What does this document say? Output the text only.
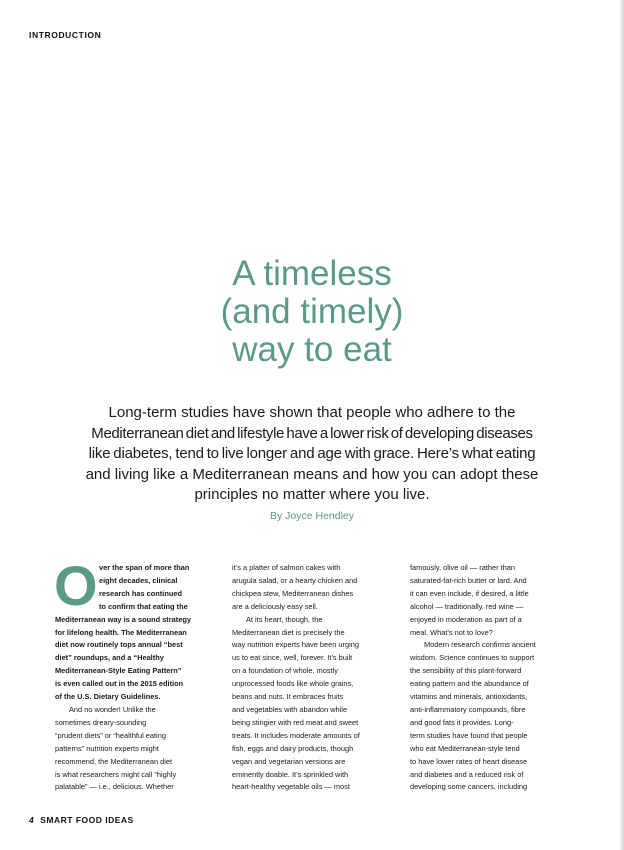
INTRODUCTION
A timeless
(and timely)
way to eat

Long-term studies have shown that people who adhere to the
Mediterranean diet and lifestyle have a lower risk of developing diseases
like diabetes, tend to live longer and age with grace. Here’s what eating
and living like a Mediterranean means and how you can adopt these
principles no matter where you live.

By Joyce Hendley
O ver the span of more than
eight decades, clinical
research has continued
to confirm that eating the
Mediterranean way is a sound strategy
for lifelong health. The Mediterranean
diet now routinely tops annual “best
diet” roundups, and a “Healthy
Mediterranean-Style Eating Pattern”
is even called out in the 2015 edition
of the U.S. Dietary Guidelines.
And no wonder! Unlike the
sometimes dreary-sounding
“prudent diets” or “healthful eating
patterns” nutrition experts might
recommend, the Mediterranean diet
is what researchers might call “highly
palatable” — i.e., delicious. Whether
it’s a platter of salmon cakes with
arugula salad, or a hearty chicken and
chickpea stew, Mediterranean dishes
are a deliciously easy sell.
At its heart, though, the
Mediterranean diet is precisely the
way nutrition experts have been urging
us to eat since, well, forever. It’s built
on a foundation of whole, mostly
unprocessed foods like whole grains,
beans and nuts. It embraces fruits
and vegetables with abandon while
being stingier with red meat and sweet
treats. It includes moderate amounts of
fish, eggs and dairy products, though
vegan and vegetarian versions are
eminently doable. It’s sprinkled with
heart-healthy vegetable oils — most
famously, olive oil — rather than
saturated-fat-rich butter or lard. And
it can even include, if desired, a little
alcohol — traditionally, red wine —
enjoyed in moderation as part of a
meal. What’s not to love?
Modern research confirms ancient
wisdom. Science continues to support
the sensibility of this plant-forward
eating pattern and the abundance of
vitamins and minerals, antioxidants,
anti-inflammatory compounds, fibre
and good fats it provides. Long-
term studies have found that people
who eat Mediterranean-style tend
to have lower rates of heart disease
and diabetes and a reduced risk of
developing some cancers, including
4 SMART FOOD IDEAS
